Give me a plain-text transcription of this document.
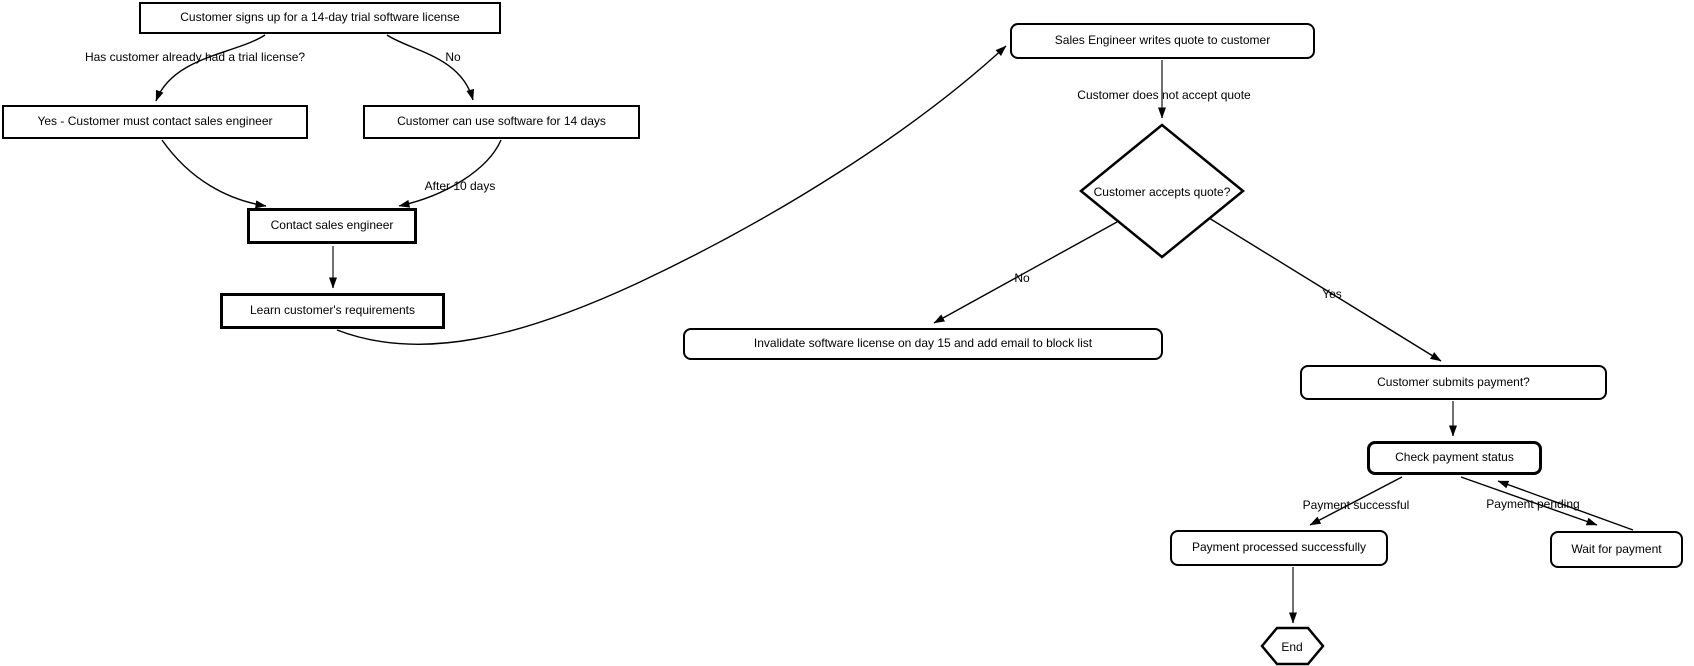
Customer signs up for a 14-day trial software license
Yes - Customer must contact sales engineer	Customer can use software for 14 days
Contact sales engineer
Learn customer's requirements
Sales Engineer writes quote to customer
Invalidate software license on day 15 and add email to block list
Customer submits payment?
Check payment status
Payment processed successfully	Wait for payment
Customer accepts quote?
End
Has customer already had a trial license?	No
After 10 days
Customer does not accept quote
No
Yes
Payment successful	Payment pending
